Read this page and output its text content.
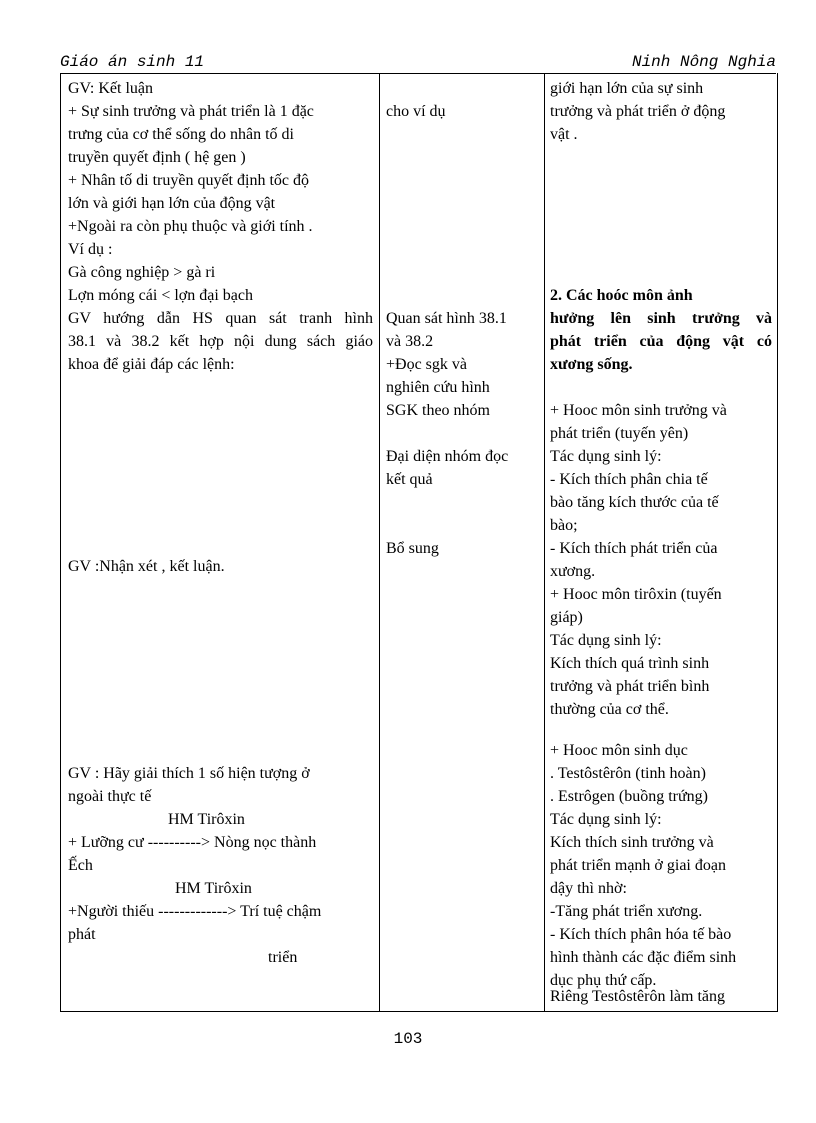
Giáo án sinh 11	Ninh Nông Nghia
GV: Kết luận
+ Sự sinh trưởng và phát triển là 1 đặc
trưng của cơ thể sống do nhân tố di
truyền quyết định ( hệ gen )
+ Nhân tố di truyền quyết định tốc độ
lớn và giới hạn lớn của động vật
+Ngoài ra còn phụ thuộc và giới tính .
Ví dụ :
Gà công nghiệp > gà ri
Lợn móng cái < lợn đại bạch
GV hướng dẫn HS quan sát tranh hình
38.1 và 38.2 kết hợp nội dung sách giáo
khoa để giải đáp các lệnh:
GV :Nhận xét , kết luận.
GV : Hãy giải thích 1 số hiện tượng ở
ngoài thực tế
HM Tirôxin
+ Lưỡng cư ----------> Nòng nọc thành
Ếch
HM Tirôxin
+Người thiếu -------------> Trí tuệ chậm
phát
triển
cho ví dụ
Quan sát hình 38.1
và 38.2
+Đọc sgk và
nghiên cứu hình
SGK theo nhóm
Đại diện nhóm đọc
kết quả
Bổ sung
giới hạn lớn của sự sinh
trưởng và phát triển ở động
vật .
2. Các hoóc môn ảnh
hưởng lên sinh trưởng và
phát triển của động vật có
xương sống.
+ Hooc môn sinh trưởng và
phát triển (tuyến yên)
Tác dụng sinh lý:
- Kích thích phân chia tế
bào tăng kích thước của tế
bào;
- Kích thích phát triển của
xương.
+ Hooc môn tirôxin (tuyến
giáp)
Tác dụng sinh lý:
Kích thích quá trình sinh
trưởng và phát triển bình
thường của cơ thể.
+ Hooc môn sinh dục
. Testôstêrôn (tinh hoàn)
. Estrôgen (buồng trứng)
Tác dụng sinh lý:
Kích thích sinh trưởng và
phát triển mạnh ở giai đoạn
dậy thì nhờ:
-Tăng phát triển xương.
- Kích thích phân hóa tế bào
hình thành các đặc điểm sinh
dục phụ thứ cấp.
Riêng Testôstêrôn làm tăng
103
